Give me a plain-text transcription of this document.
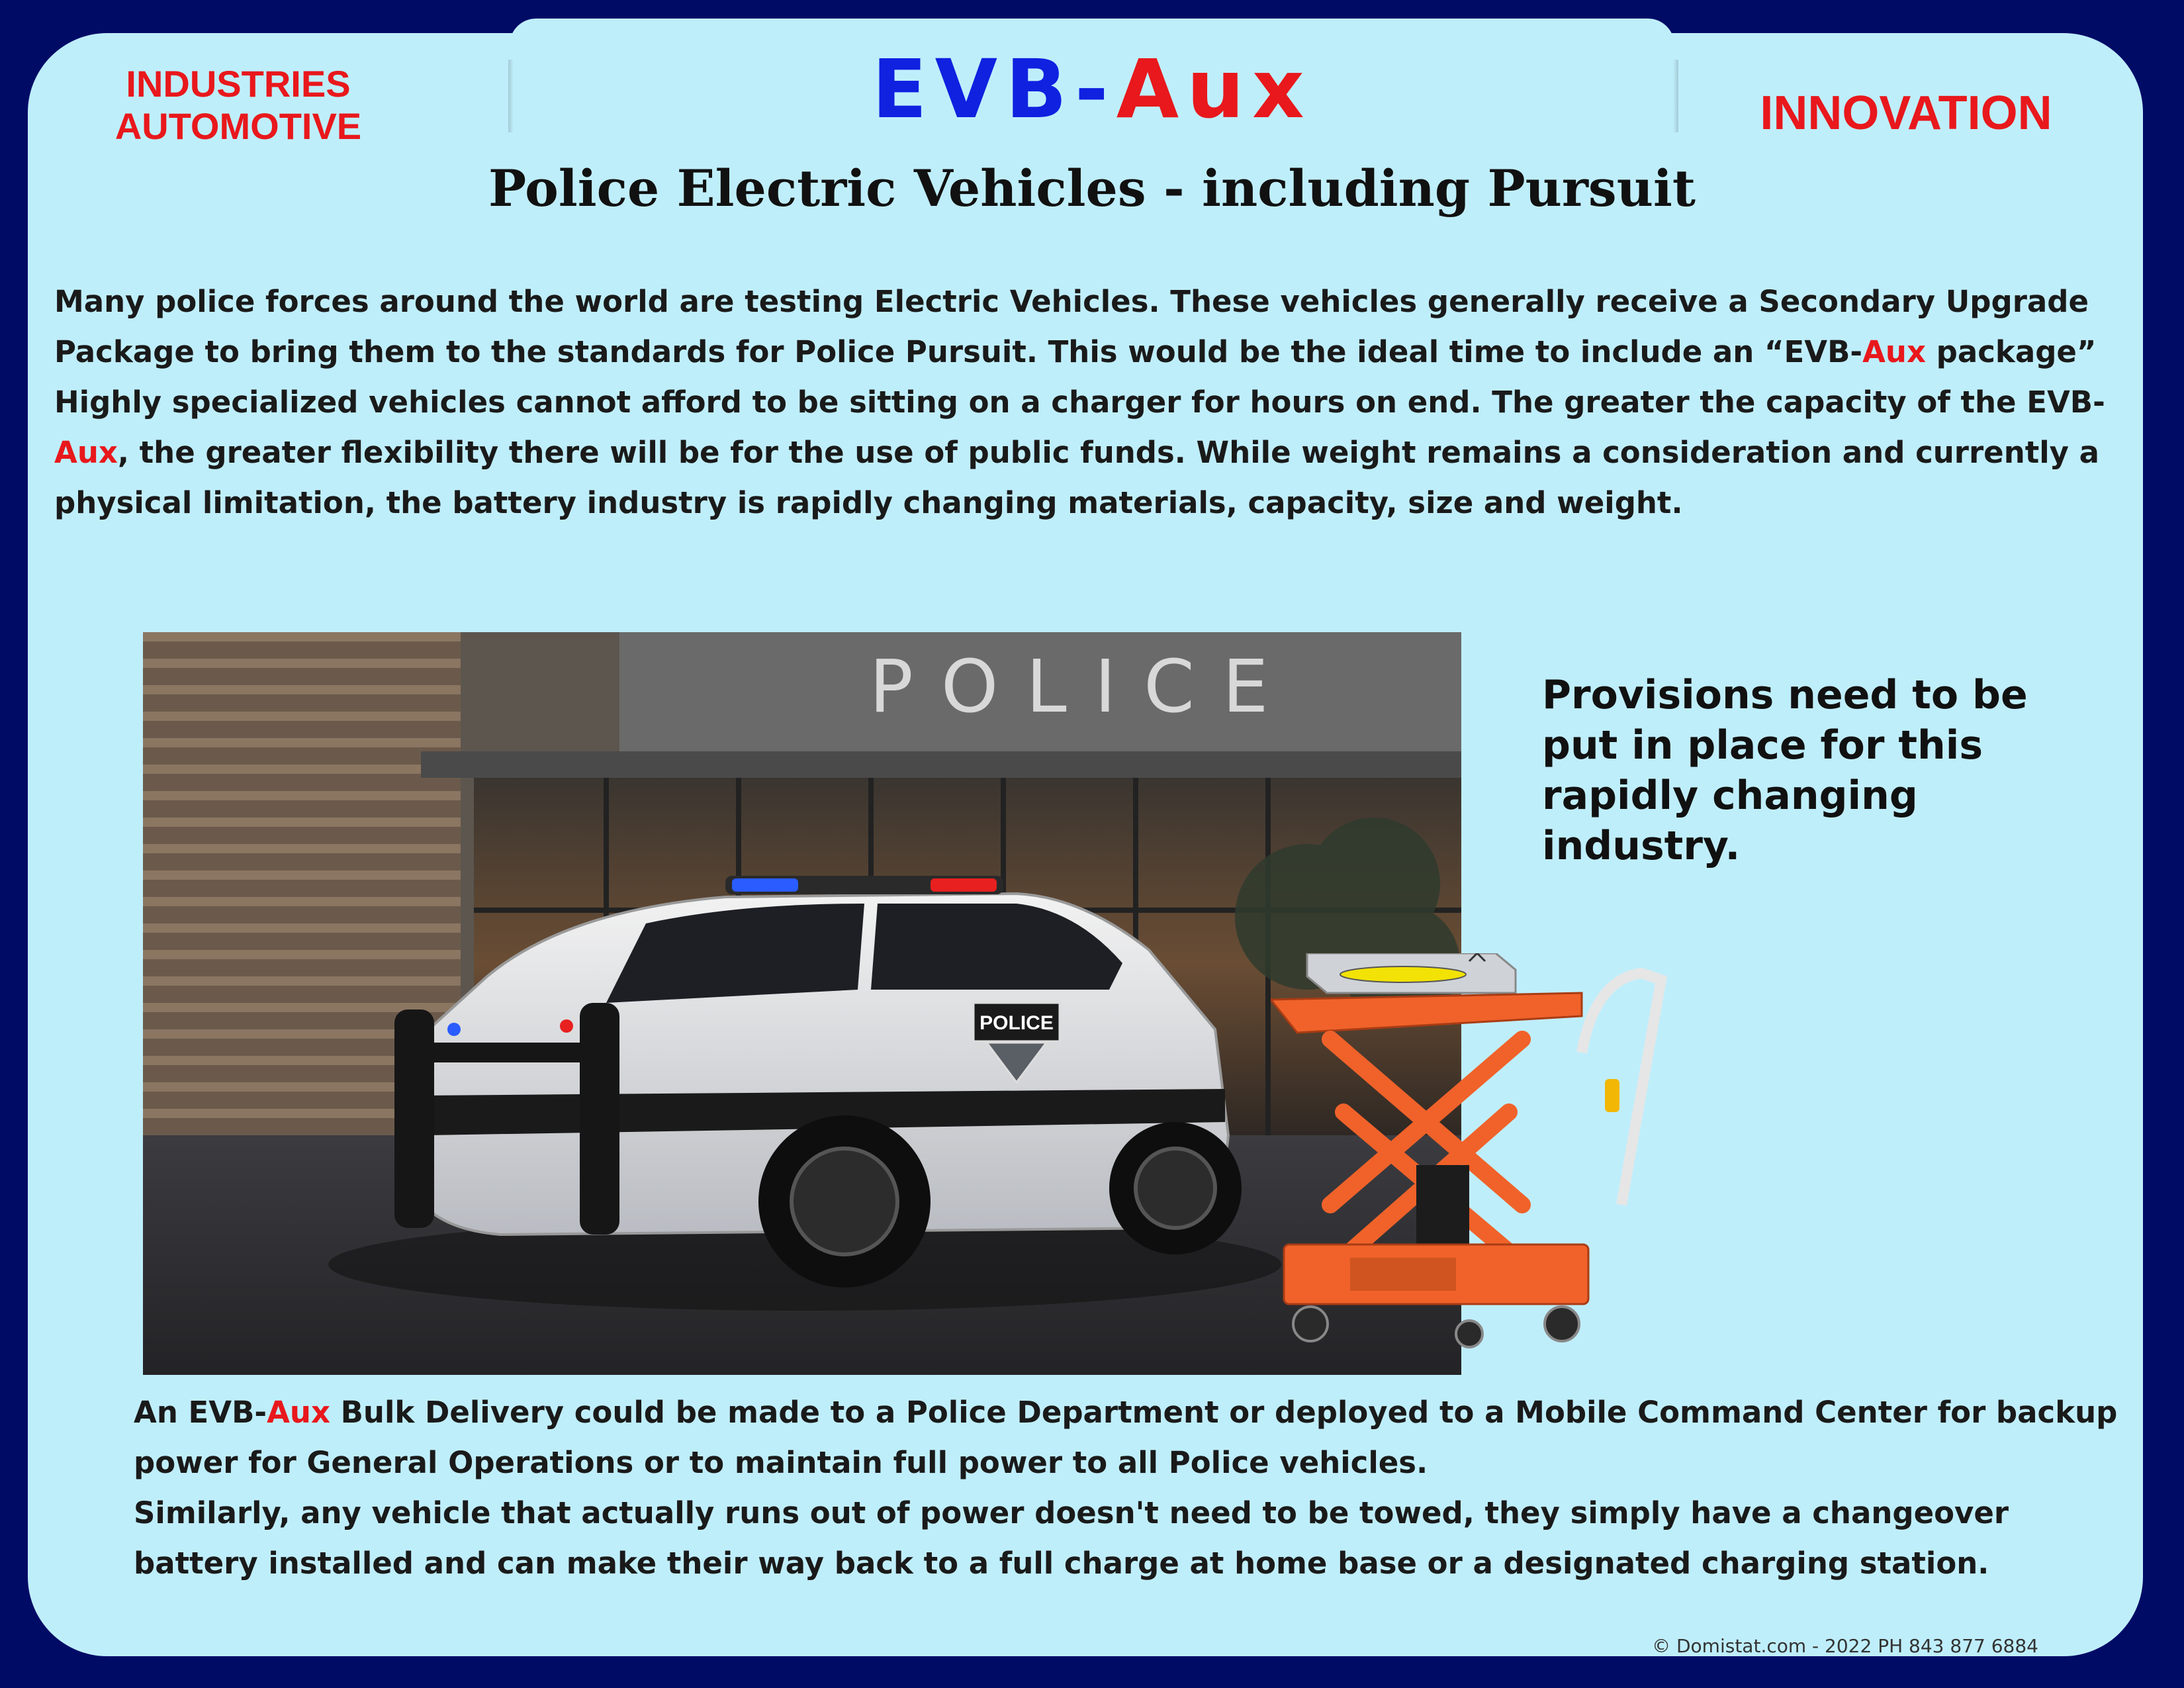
INDUSTRIES
AUTOMOTIVE	EVB-Aux	INNOVATION
Police Electric Vehicles - including Pursuit
Many police forces around the world are testing Electric Vehicles. These vehicles generally receive a Secondary Upgrade Package to bring them to the standards for Police Pursuit. This would be the ideal time to include an “EVB-Aux package”
Highly specialized vehicles cannot afford to be sitting on a charger for hours on end. The greater the capacity of the EVB-Aux, the greater flexibility there will be for the use of public funds. While weight remains a consideration and currently a physical limitation, the battery industry is rapidly changing materials, capacity, size and weight.
POLICE
POLICE
Provisions need to be put in place for this rapidly changing industry.
An EVB-Aux Bulk Delivery could be made to a Police Department or deployed to a Mobile Command Center for backup power for General Operations or to maintain full power to all Police vehicles.
Similarly, any vehicle that actually runs out of power doesn't need to be towed, they simply have a changeover battery installed and can make their way back to a full charge at home base or a designated charging station.
© Domistat.com - 2022 PH 843 877 6884
